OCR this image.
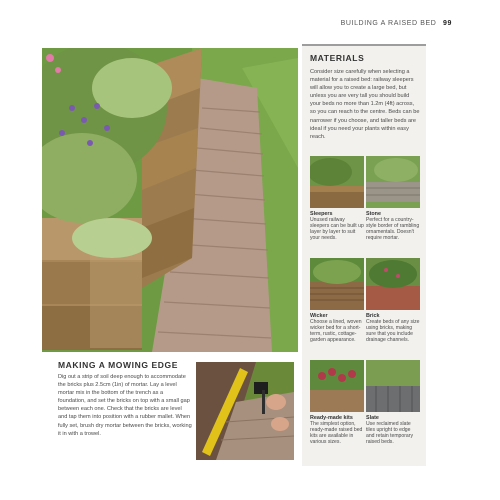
BUILDING A RAISED BED 99
MATERIALS

Consider size carefully when selecting a material for a raised bed: railway sleepers will allow you to create a large bed, but unless you are very tall you should build your beds no more than 1.2m (4ft) across, so you can reach to the centre. Beds can be narrower if you choose, and taller beds are ideal if you need your plants within easy reach.

Sleepers
Unused railway sleepers can be built up layer by layer to suit your needs.
Stone
Perfect for a country-style border of rambling ornamentals. Doesn't require mortar.
Wicker
Choose a lined, woven wicker bed for a short-term, rustic, cottage-garden appearance.
Brick
Create beds of any size using bricks, making sure that you include drainage channels.
Ready-made kits
The simplest option, ready-made raised bed kits are available in various sizes.
Slate
Use reclaimed slate tiles upright to edge and retain temporary raised beds.
MAKING A MOWING EDGE

Dig out a strip of soil deep enough to accommodate the bricks plus 2.5cm (1in) of mortar. Lay a level mortar mix in the bottom of the trench as a foundation, and set the bricks on top with a small gap between each one. Check that the bricks are level and tap them into position with a rubber mallet. When fully set, brush dry mortar between the bricks, working it in with a trowel.
